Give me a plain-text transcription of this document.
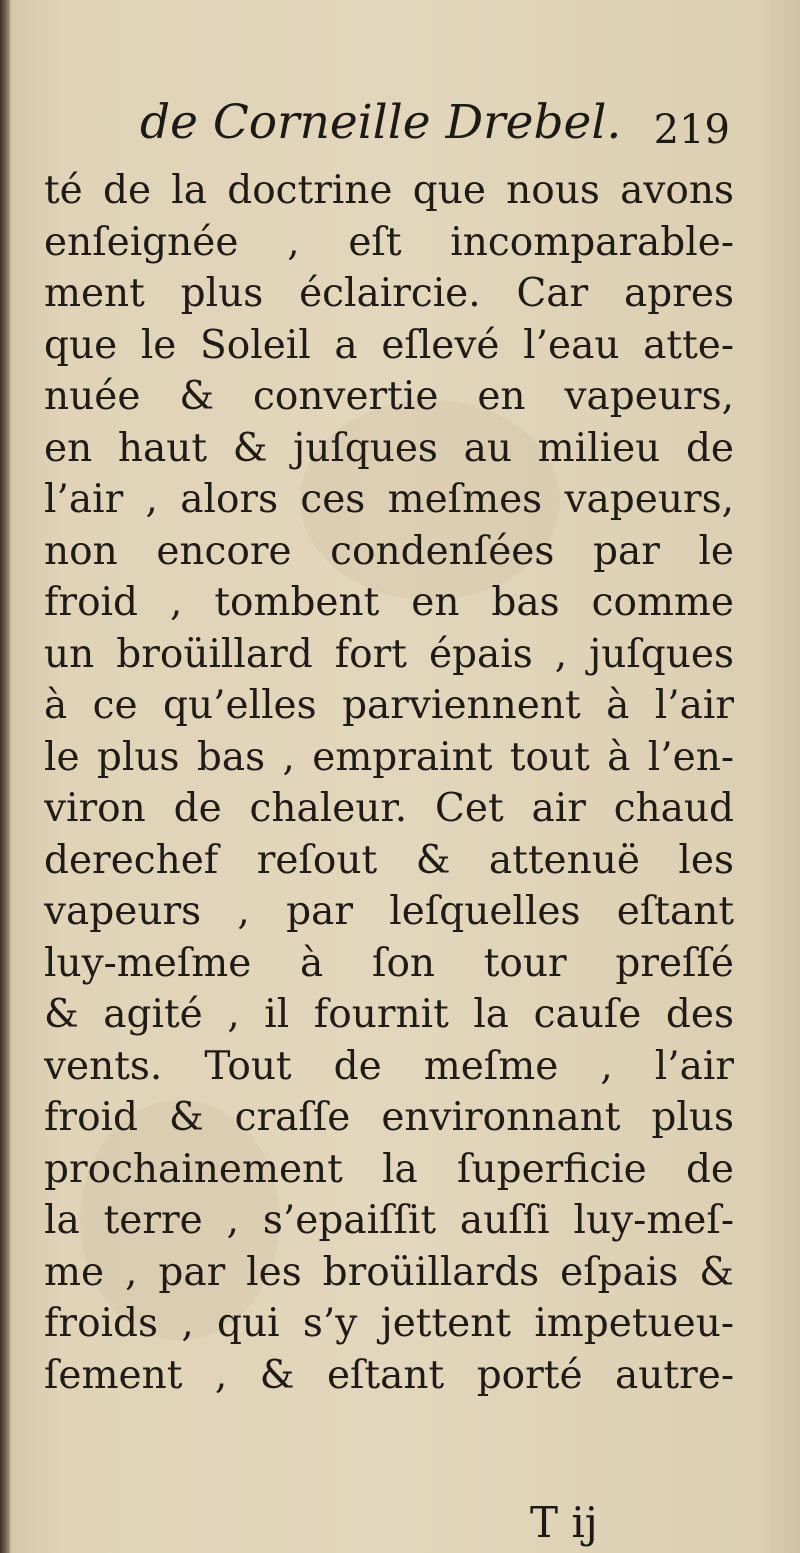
de Corneille Drebel. 219
té de la doctrine que nous avons
enſeignée , eſt incomparable-
ment plus éclaircie. Car apres
que le Soleil a eſlevé l’eau atte-
nuée & convertie en vapeurs,
en haut & juſques au milieu de
l’air , alors ces meſmes vapeurs,
non encore condenſées par le
froid , tombent en bas comme
un broüillard fort épais , juſques
à ce qu’elles parviennent à l’air
le plus bas , empraint tout à l’en-
viron de chaleur. Cet air chaud
derechef reſout & attenuë les
vapeurs , par leſquelles eſtant
luy-meſme à ſon tour preſſé
& agité , il fournit la cauſe des
vents. Tout de meſme , l’air
froid & craſſe environnant plus
prochainement la ſuperficie de
la terre , s’epaiſſit auſſi luy-meſ-
me , par les broüillards eſpais &
froids , qui s’y jettent impetueu-
ſement , & eſtant porté autre-
T ij
